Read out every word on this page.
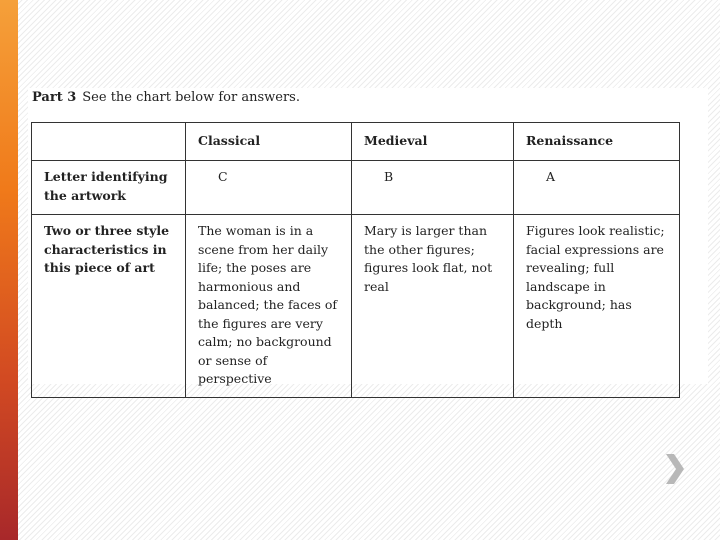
Part 3 See the chart below for answers.
	Classical	Medieval	Renaissance
Letter identifying the artwork	C	B	A
Two or three style characteristics in this piece of art	The woman is in a scene from her daily life; the poses are harmonious and balanced; the faces of the figures are very calm; no background or sense of perspective	Mary is larger than the other figures; figures look flat, not real	Figures look realistic; facial expressions are revealing; full landscape in background; has depth
